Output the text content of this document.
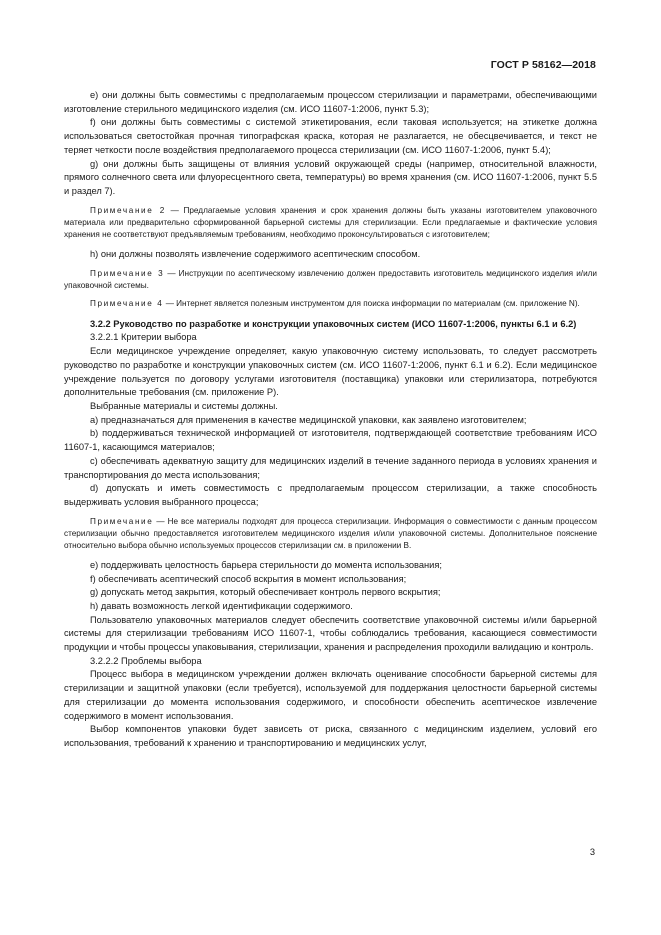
ГОСТ Р 58162—2018

e) они должны быть совместимы с предполагаемым процессом стерилизации и параметрами, обеспечивающими изготовление стерильного медицинского изделия (см. ИСО 11607-1:2006, пункт 5.3);

f) они должны быть совместимы с системой этикетирования, если таковая используется; на этикетке должна использоваться светостойкая прочная типографская краска, которая не разлагается, не обесцвечивается, и текст не теряет четкости после воздействия предполагаемого процесса стерилизации (см. ИСО 11607-1:2006, пункт 5.4);

g) они должны быть защищены от влияния условий окружающей среды (например, относительной влажности, прямого солнечного света или флуоресцентного света, температуры) во время хранения (см. ИСО 11607-1:2006, пункт 5.5 и раздел 7).

Примечание 2 — Предлагаемые условия хранения и срок хранения должны быть указаны изготовителем упаковочного материала или предварительно сформированной барьерной системы для стерилизации. Если предлагаемые и фактические условия хранения не соответствуют предъявляемым требованиям, необходимо проконсультироваться с изготовителем;

h) они должны позволять извлечение содержимого асептическим способом.

Примечание 3 — Инструкции по асептическому извлечению должен предоставить изготовитель медицинского изделия и/или упаковочной системы.

Примечание 4 — Интернет является полезным инструментом для поиска информации по материалам (см. приложение N).

3.2.2 Руководство по разработке и конструкции упаковочных систем (ИСО 11607-1:2006, пункты 6.1 и 6.2)

3.2.2.1 Критерии выбора

Если медицинское учреждение определяет, какую упаковочную систему использовать, то следует рассмотреть руководство по разработке и конструкции упаковочных систем (см. ИСО 11607-1:2006, пункт 6.1 и 6.2). Если медицинское учреждение пользуется по договору услугами изготовителя (поставщика) упаковки или стерилизатора, потребуются дополнительные требования (см. приложение Р).

Выбранные материалы и системы должны.

a) предназначаться для применения в качестве медицинской упаковки, как заявлено изготовителем;

b) поддерживаться технической информацией от изготовителя, подтверждающей соответствие требованиям ИСО 11607-1, касающимся материалов;

c) обеспечивать адекватную защиту для медицинских изделий в течение заданного периода в условиях хранения и транспортирования до места использования;

d) допускать и иметь совместимость с предполагаемым процессом стерилизации, а также способность выдерживать условия выбранного процесса;

Примечание — Не все материалы подходят для процесса стерилизации. Информация о совместимости с данным процессом стерилизации обычно предоставляется изготовителем медицинского изделия и/или упаковочной системы. Дополнительное пояснение относительно выбора обычно используемых процессов стерилизации см. в приложении В.

e) поддерживать целостность барьера стерильности до момента использования;

f) обеспечивать асептический способ вскрытия в момент использования;

g) допускать метод закрытия, который обеспечивает контроль первого вскрытия;

h) давать возможность легкой идентификации содержимого.

Пользователю упаковочных материалов следует обеспечить соответствие упаковочной системы и/или барьерной системы для стерилизации требованиям ИСО 11607-1, чтобы соблюдались требования, касающиеся совместимости продукции и чтобы процессы упаковывания, стерилизации, хранения и распределения проходили валидацию и контроль.

3.2.2.2 Проблемы выбора

Процесс выбора в медицинском учреждении должен включать оценивание способности барьерной системы для стерилизации и защитной упаковки (если требуется), используемой для поддержания целостности барьерной системы для стерилизации до момента использования содержимого, и способности обеспечить асептическое извлечение содержимого в момент использования.

Выбор компонентов упаковки будет зависеть от риска, связанного с медицинским изделием, условий его использования, требований к хранению и транспортированию и медицинских услуг,

3
